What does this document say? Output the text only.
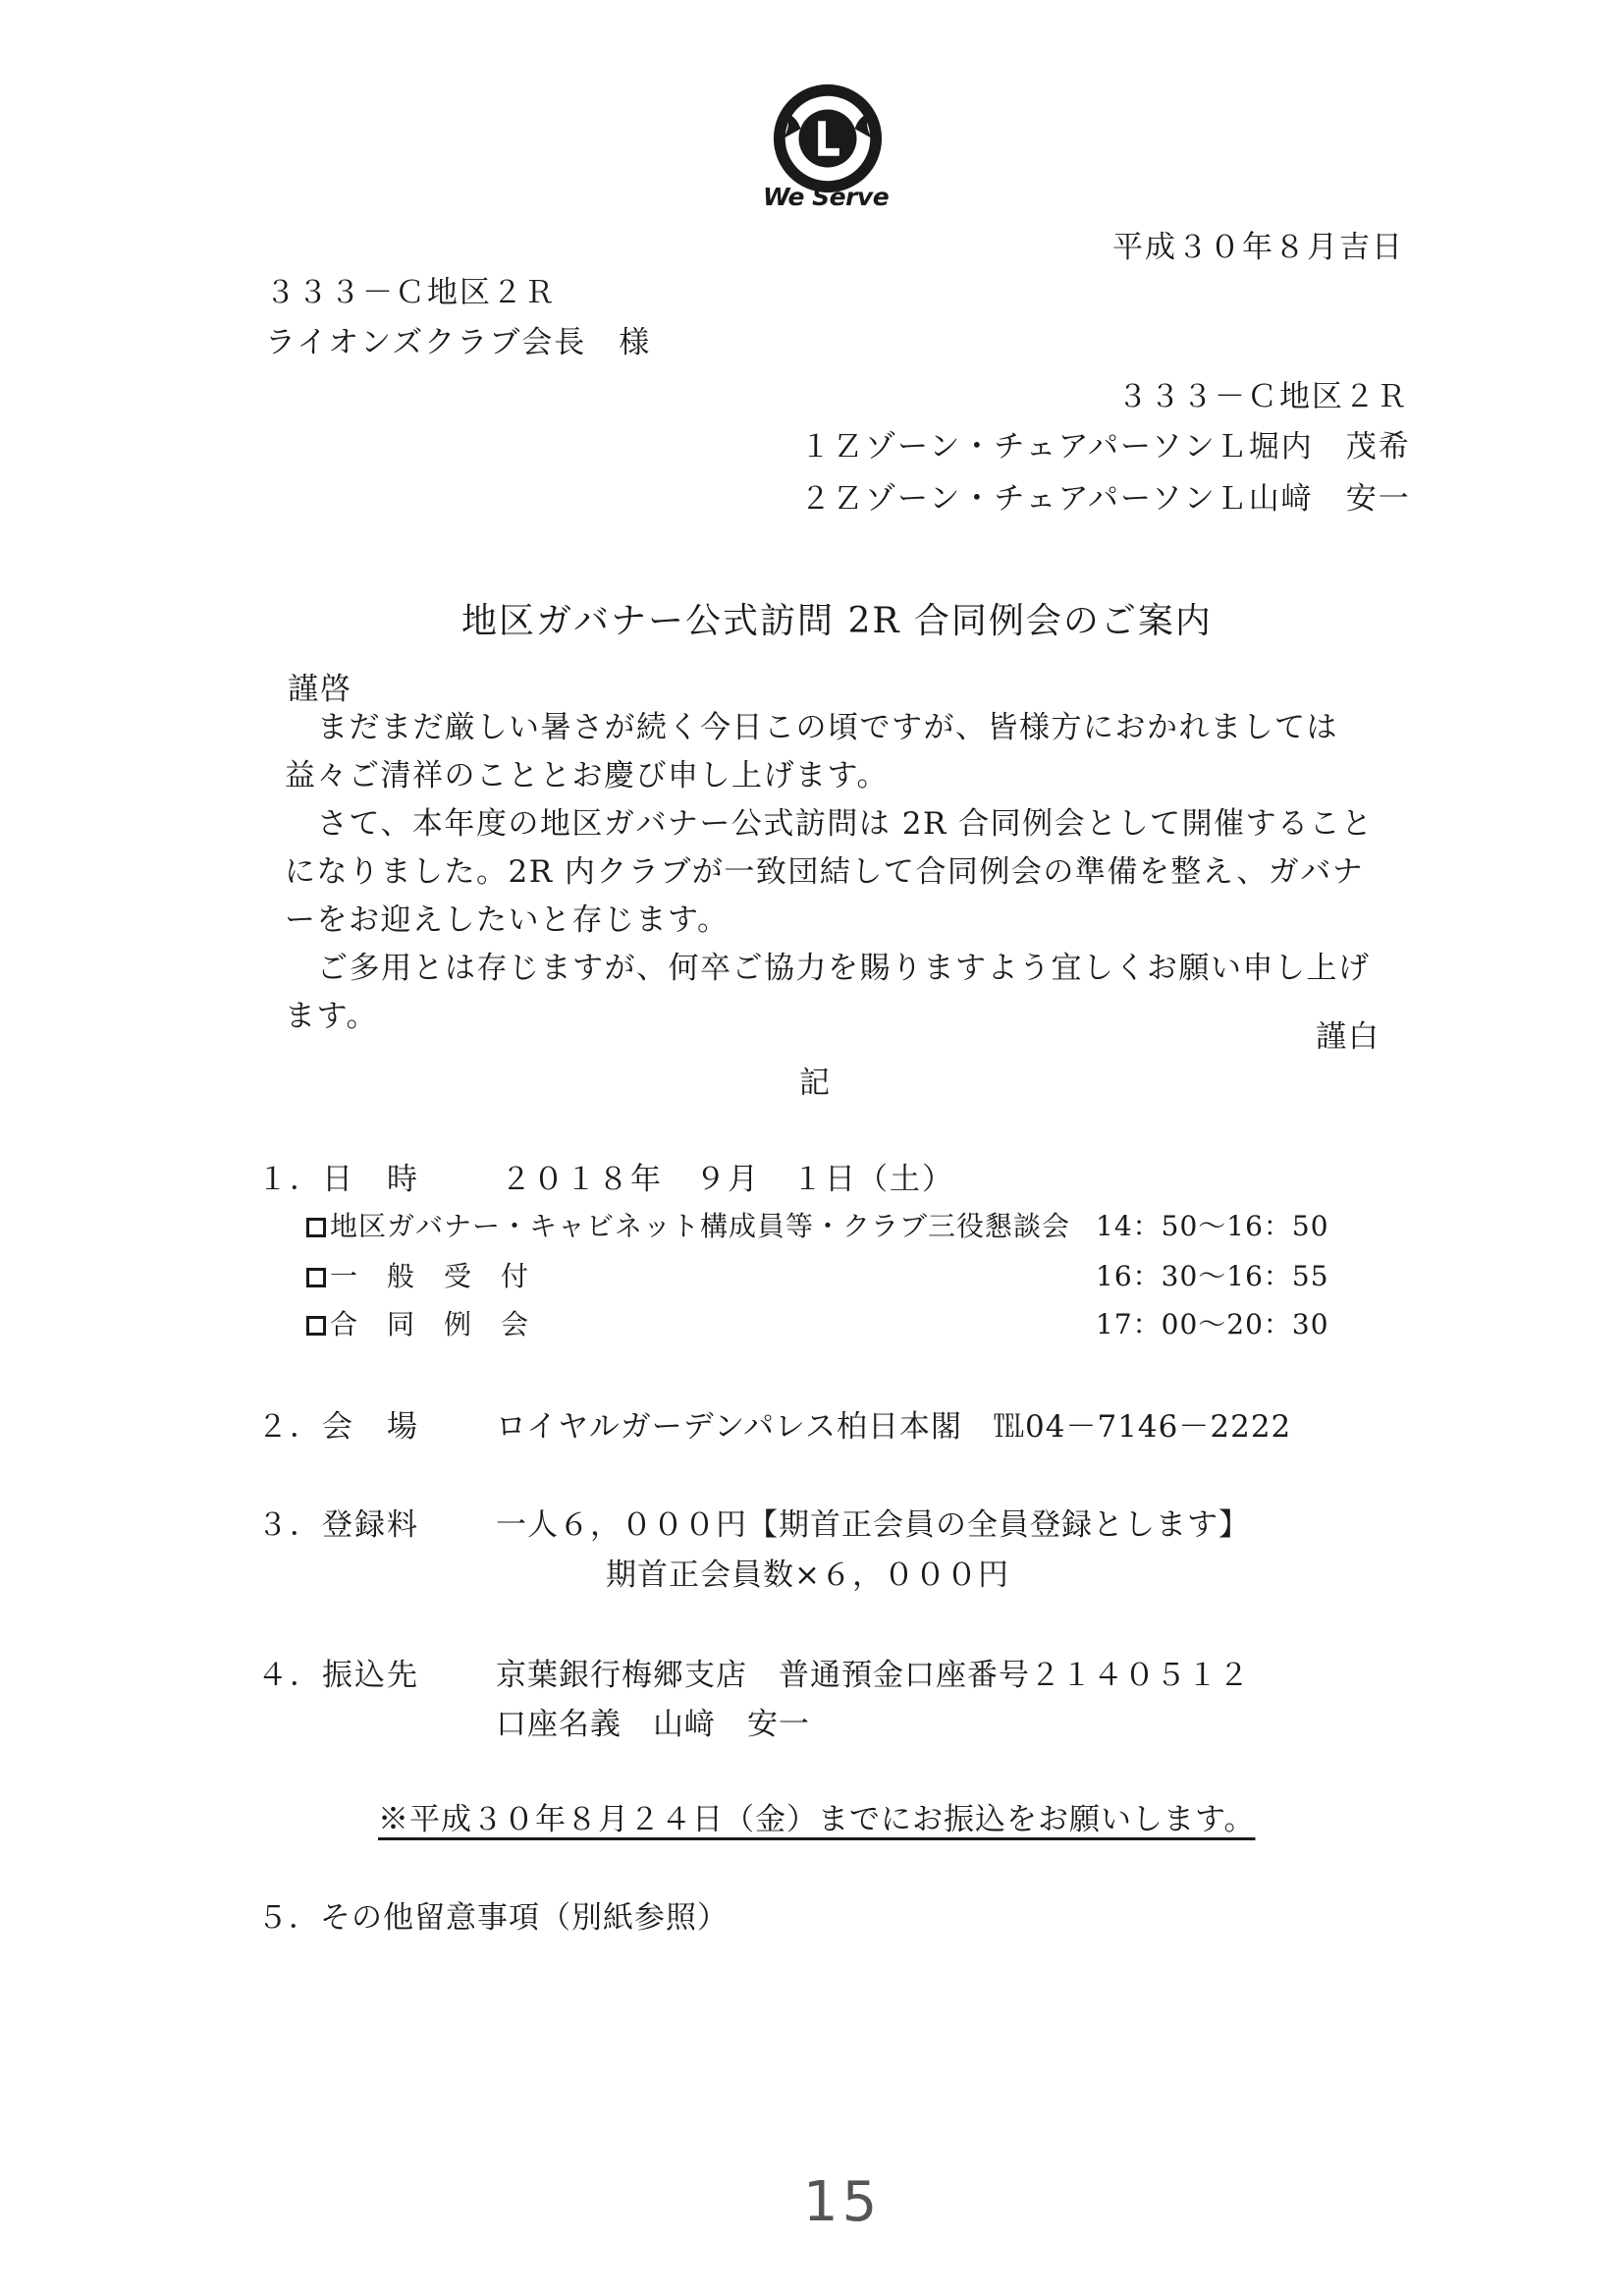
We Serve
平成３０年８月吉日
３３３－Ｃ地区２Ｒ
ライオンズクラブ会長　様
３３３－Ｃ地区２Ｒ
１Ｚゾーン・チェアパーソンＬ堀内　茂希
２Ｚゾーン・チェアパーソンＬ山﨑　安一
地区ガバナー公式訪問 2R 合同例会のご案内
謹啓
まだまだ厳しい暑さが続く今日この頃ですが、皆様方におかれましては益々ご清祥のこととお慶び申し上げます。
さて、本年度の地区ガバナー公式訪問は 2R 合同例会として開催することになりました。2R 内クラブが一致団結して合同例会の準備を整え、ガバナーをお迎えしたいと存じます。
ご多用とは存じますが、何卒ご協力を賜りますよう宜しくお願い申し上げます。
謹白
記
１．日　時	２０１８年　９月　１日（土）
地区ガバナー・キャビネット構成員等・クラブ三役懇談会 14：50～16：50
一　般　受　付	16：30～16：55
合　同　例　会	17：00～20：30
２．会　場	ロイヤルガーデンパレス柏日本閣　℡04－7146－2222
３．登録料	一人６，０００円【期首正会員の全員登録とします】
期首正会員数×６，０００円
４．振込先	京葉銀行梅郷支店　普通預金口座番号２１４０５１２
口座名義　山﨑　安一
※平成３０年８月２４日（金）までにお振込をお願いします。
５．その他留意事項（別紙参照）
15
